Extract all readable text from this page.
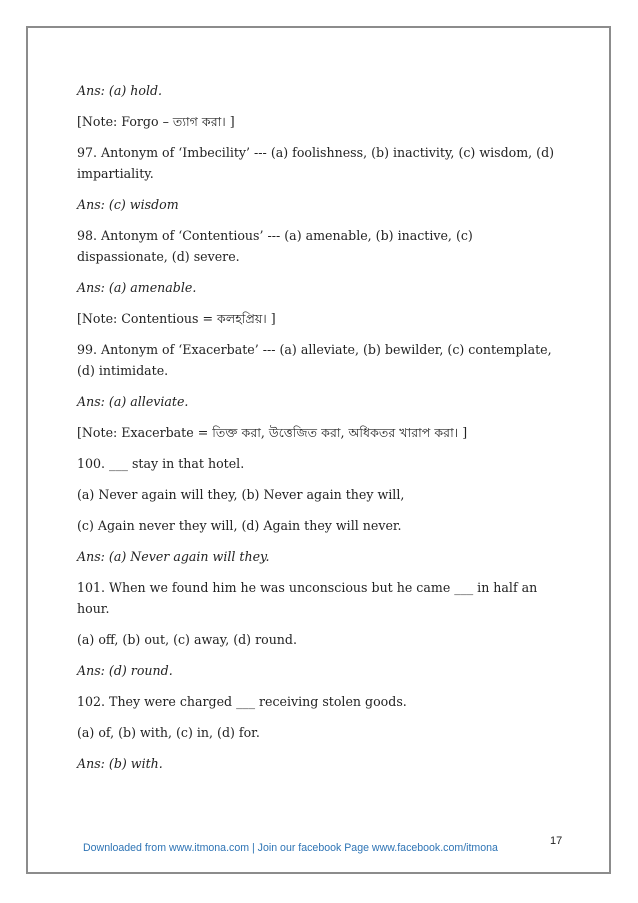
Ans: (a) hold.

[Note: Forgo – ত্যাগ করা। ]

97. Antonym of ‘Imbecility’ --- (a) foolishness, (b) inactivity, (c) wisdom, (d) impartiality.

Ans: (c) wisdom

98. Antonym of ‘Contentious’ --- (a) amenable, (b) inactive, (c) dispassionate, (d) severe.

Ans: (a) amenable.

[Note: Contentious = কলহপ্রিয়। ]

99. Antonym of ‘Exacerbate’ --- (a) alleviate, (b) bewilder, (c) contemplate, (d) intimidate.

Ans: (a) alleviate.

[Note: Exacerbate = তিক্ত করা, উত্তেজিত করা, অধিকতর খারাপ করা। ]

100. ___ stay in that hotel.

(a) Never again will they, (b) Never again they will,

(c) Again never they will, (d) Again they will never.

Ans: (a) Never again will they.

101. When we found him he was unconscious but he came ___ in half an hour.

(a) off, (b) out, (c) away, (d) round.

Ans: (d) round.

102. They were charged ___ receiving stolen goods.

(a) of, (b) with, (c) in, (d) for.

Ans: (b) with.

Downloaded from www.itmona.com | Join our facebook Page www.facebook.com/itmona
17
